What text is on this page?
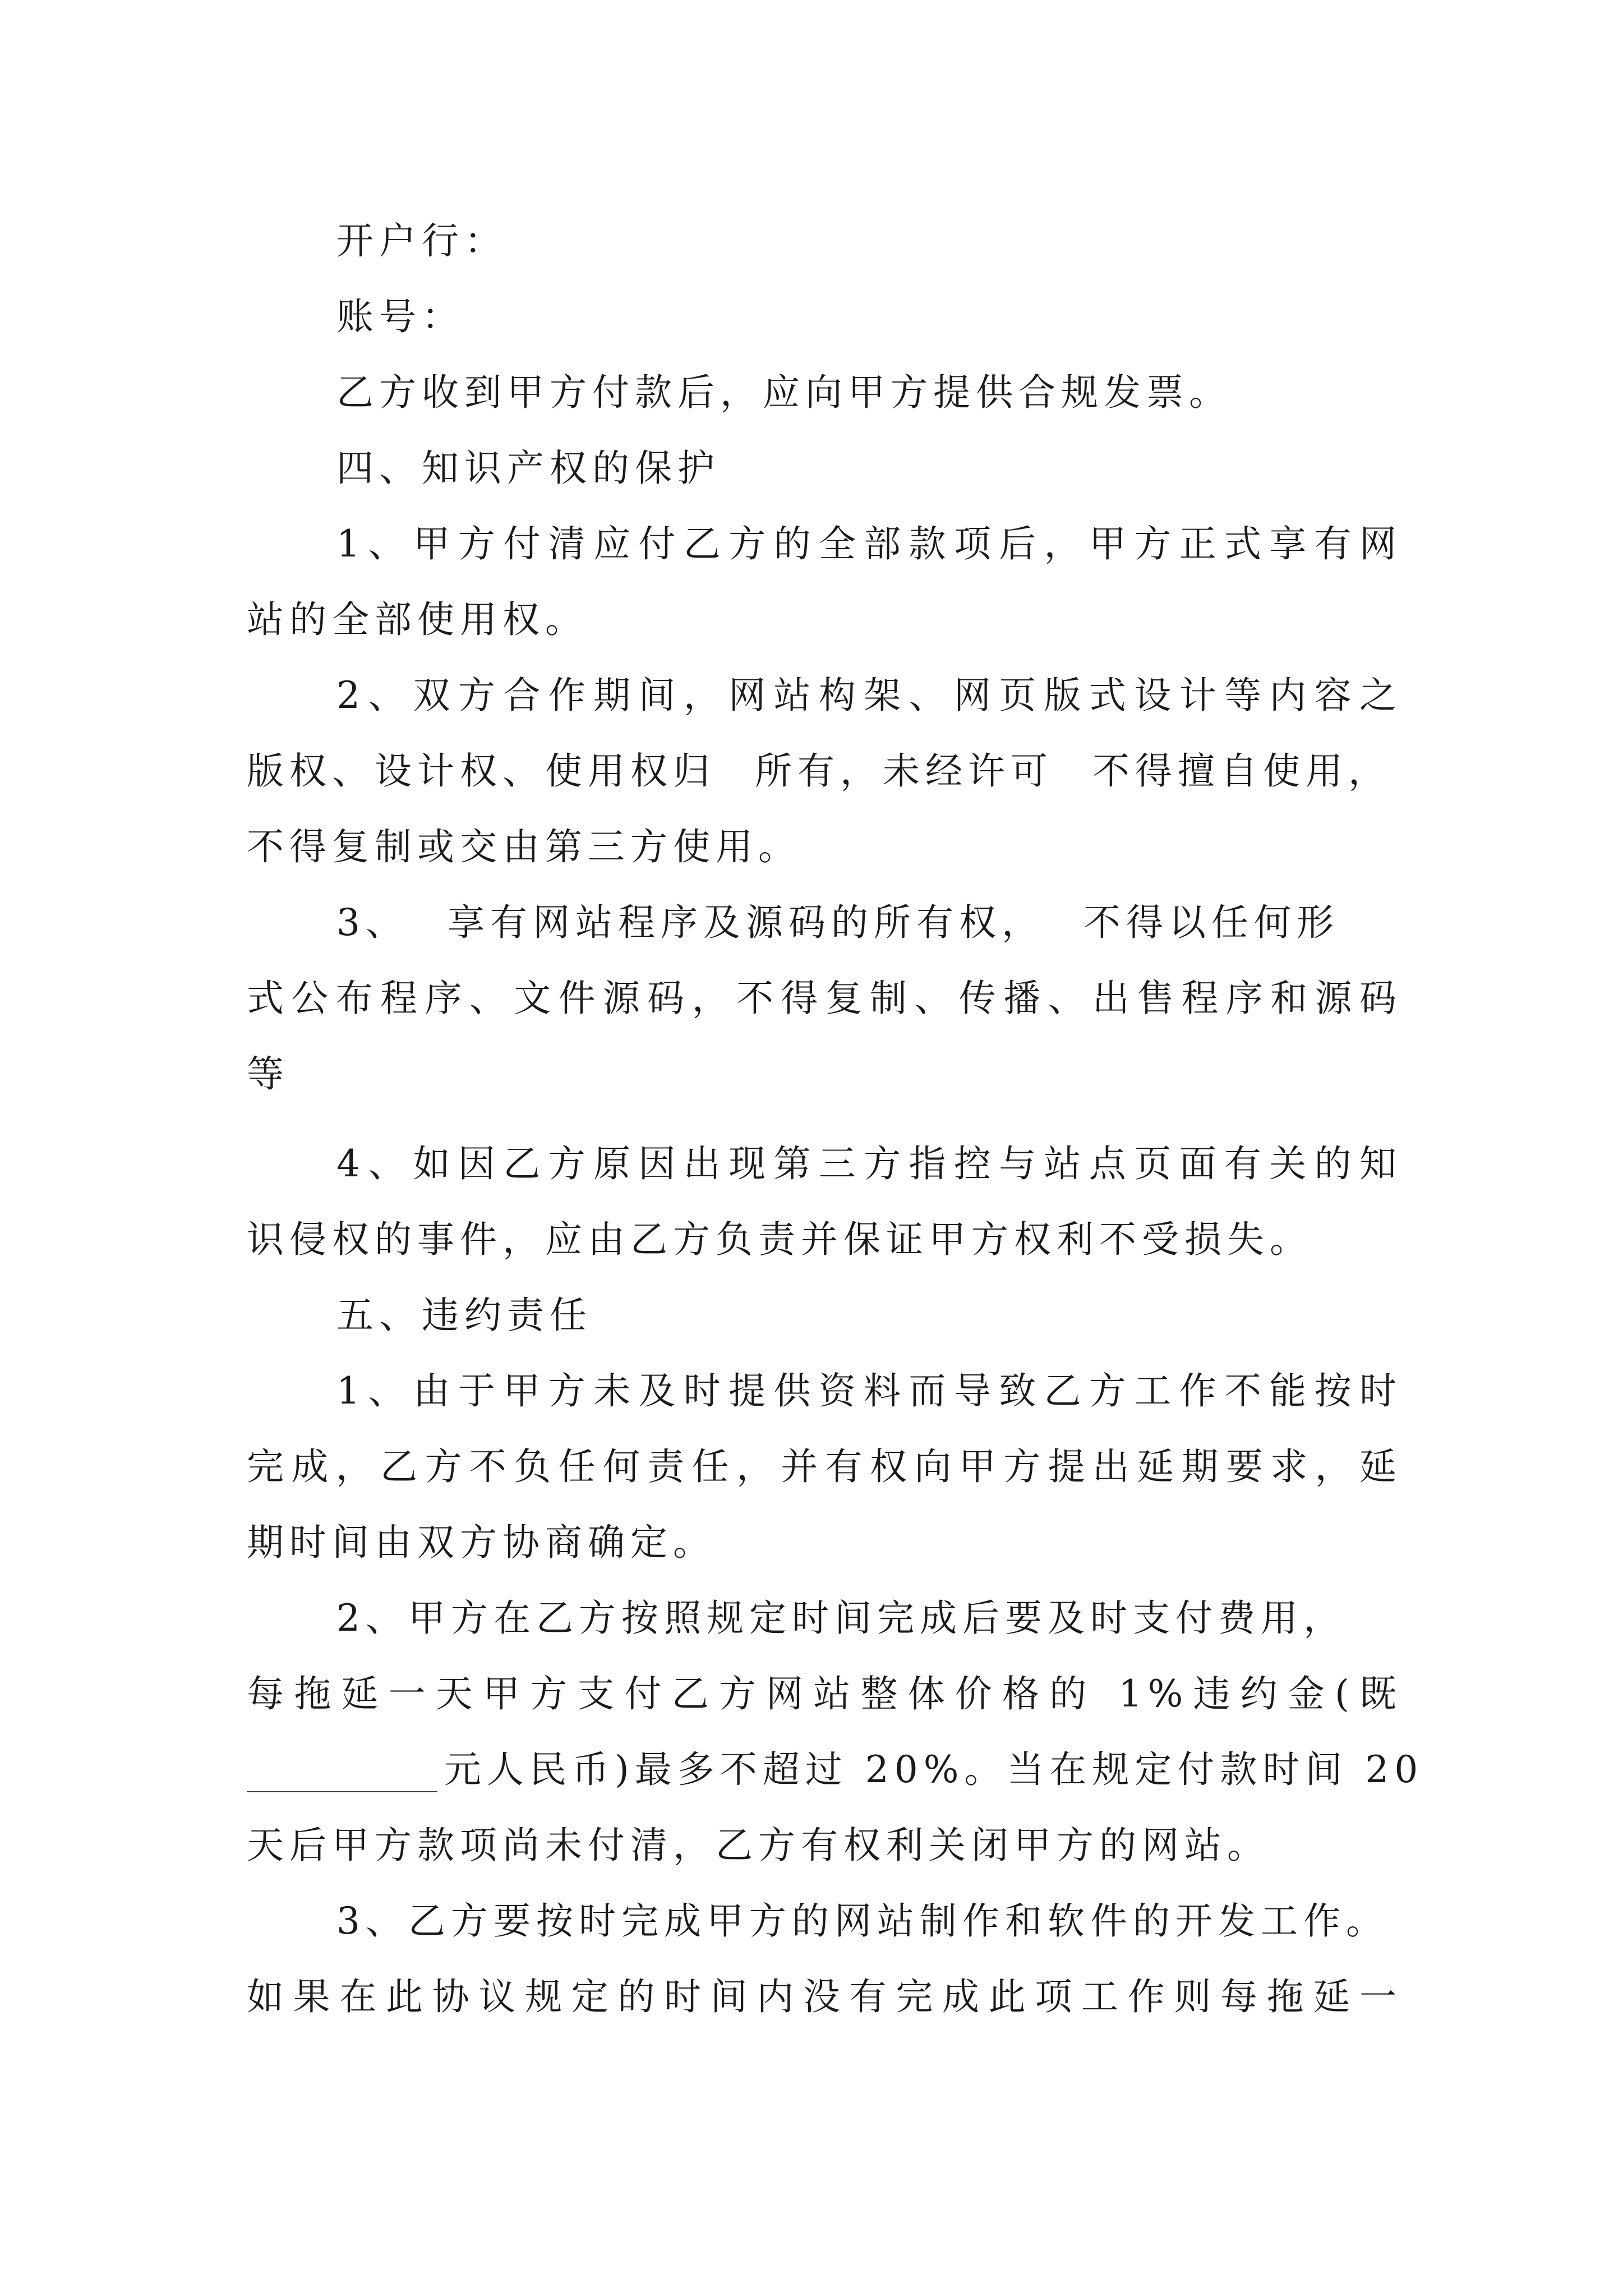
开户行：

账号：

乙方收到甲方付款后，应向甲方提供合规发票。

四、知识产权的保护

1、甲方付清应付乙方的全部款项后，甲方正式享有网

站的全部使用权。

2、双方合作期间，网站构架、网页版式设计等内容之

版权、设计权、使用权归 所有，未经许可 不得擅自使用，

不得复制或交由第三方使用。

3、 享有网站程序及源码的所有权， 不得以任何形

式公布程序、文件源码，不得复制、传播、出售程序和源码

等

4、如因乙方原因出现第三方指控与站点页面有关的知

识侵权的事件，应由乙方负责并保证甲方权利不受损失。

五、违约责任

1、由于甲方未及时提供资料而导致乙方工作不能按时

完成，乙方不负任何责任，并有权向甲方提出延期要求，延

期时间由双方协商确定。

2、甲方在乙方按照规定时间完成后要及时支付费用，

每拖延一天甲方支付乙方网站整体价格的 1%违约金(既

元人民币)最多不超过 20%。当在规定付款时间 20

天后甲方款项尚未付清，乙方有权利关闭甲方的网站。

3、乙方要按时完成甲方的网站制作和软件的开发工作。

如果在此协议规定的时间内没有完成此项工作则每拖延一
